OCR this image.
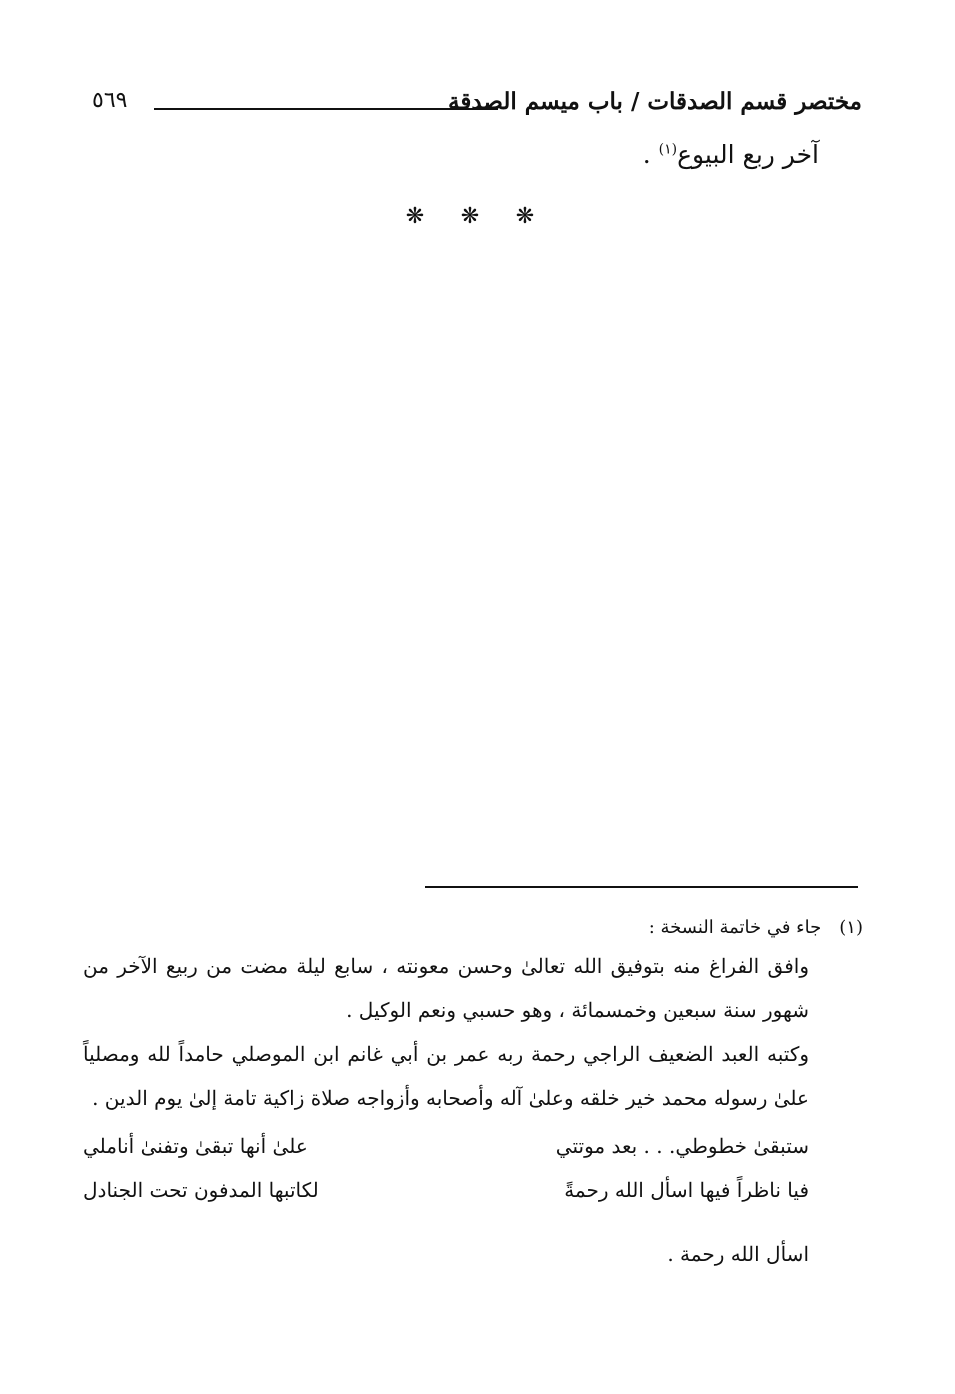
مختصر قسم الصدقات / باب ميسم الصدقة
٥٦٩
آخر ربع البيوع$^{(١)}$ .
❋ ❋ ❋
(١)
جاء في خاتمة النسخة :

وافق الفراغ منه بتوفيق الله تعالىٰ وحسن معونته ، سابع ليلة مضت من ربيع الآخر من شهور سنة سبعين وخمسمائة ، وهو حسبي ونعم الوكيل .

وكتبه العبد الضعيف الراجي رحمة ربه عمر بن أبي غانم ابن الموصلي حامداً لله ومصلياً علىٰ رسوله محمد خير خلقه وعلىٰ آله وأصحابه وأزواجه صلاة زاكية تامة إلىٰ يوم الدين .

ستبقىٰ خطوطي. . . بعد موتتي
علىٰ أنها تبقىٰ وتفنىٰ أناملي
فيا ناظراً فيها اسأل الله رحمةً
لكاتبها المدفون تحت الجنادل
اسأل الله رحمة .
